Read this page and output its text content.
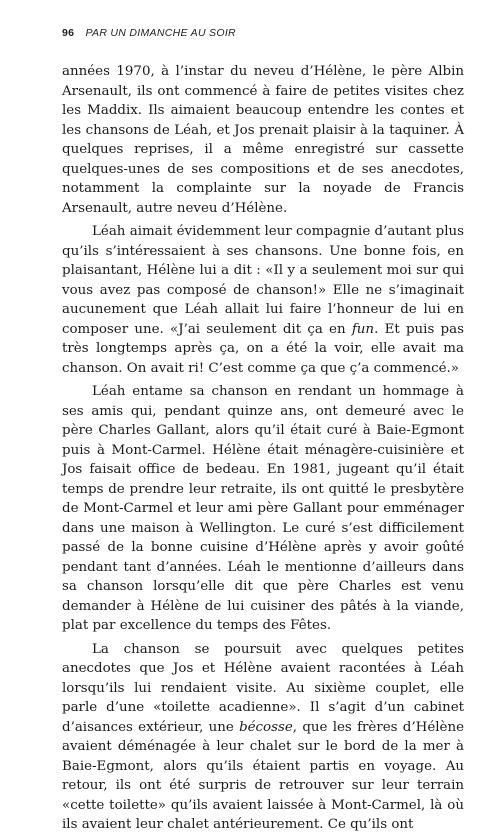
96 PAR UN DIMANCHE AU SOIR

années 1970, à l’instar du neveu d’Hélène, le père Albin Arsenault, ils ont commencé à faire de petites visites chez les Maddix. Ils aimaient beaucoup entendre les contes et les chansons de Léah, et Jos prenait plaisir à la taquiner. À quelques reprises, il a même enregistré sur cassette quelques-unes de ses compositions et de ses anecdotes, notamment la complainte sur la noyade de Francis Arsenault, autre neveu d’Hélène.

Léah aimait évidemment leur compagnie d’autant plus qu’ils s’intéressaient à ses chansons. Une bonne fois, en plaisantant, Hélène lui a dit : «Il y a seulement moi sur qui vous avez pas composé de chanson!» Elle ne s’imaginait aucunement que Léah allait lui faire l’honneur de lui en composer une. «J’ai seulement dit ça en fun. Et puis pas très longtemps après ça, on a été la voir, elle avait ma chanson. On avait ri! C’est comme ça que ç’a commencé.»

Léah entame sa chanson en rendant un hommage à ses amis qui, pendant quinze ans, ont demeuré avec le père Charles Gallant, alors qu’il était curé à Baie-Egmont puis à Mont-Carmel. Hélène était ménagère-cuisinière et Jos faisait office de bedeau. En 1981, jugeant qu’il était temps de prendre leur retraite, ils ont quitté le presbytère de Mont-Carmel et leur ami père Gallant pour emménager dans une maison à Wellington. Le curé s’est difficilement passé de la bonne cuisine d’Hélène après y avoir goûté pendant tant d’années. Léah le mentionne d’ailleurs dans sa chanson lorsqu’elle dit que père Charles est venu demander à Hélène de lui cuisiner des pâtés à la viande, plat par excellence du temps des Fêtes.

La chanson se poursuit avec quelques petites anecdotes que Jos et Hélène avaient racontées à Léah lorsqu’ils lui rendaient visite. Au sixième couplet, elle parle d’une «toilette acadienne». Il s’agit d’un cabinet d’aisances extérieur, une bécosse, que les frères d’Hélène avaient déménagée à leur chalet sur le bord de la mer à Baie-Egmont, alors qu’ils étaient partis en voyage. Au retour, ils ont été surpris de retrouver sur leur terrain «cette toilette» qu’ils avaient laissée à Mont-Carmel, là où ils avaient leur chalet antérieurement. Ce qu’ils ont
